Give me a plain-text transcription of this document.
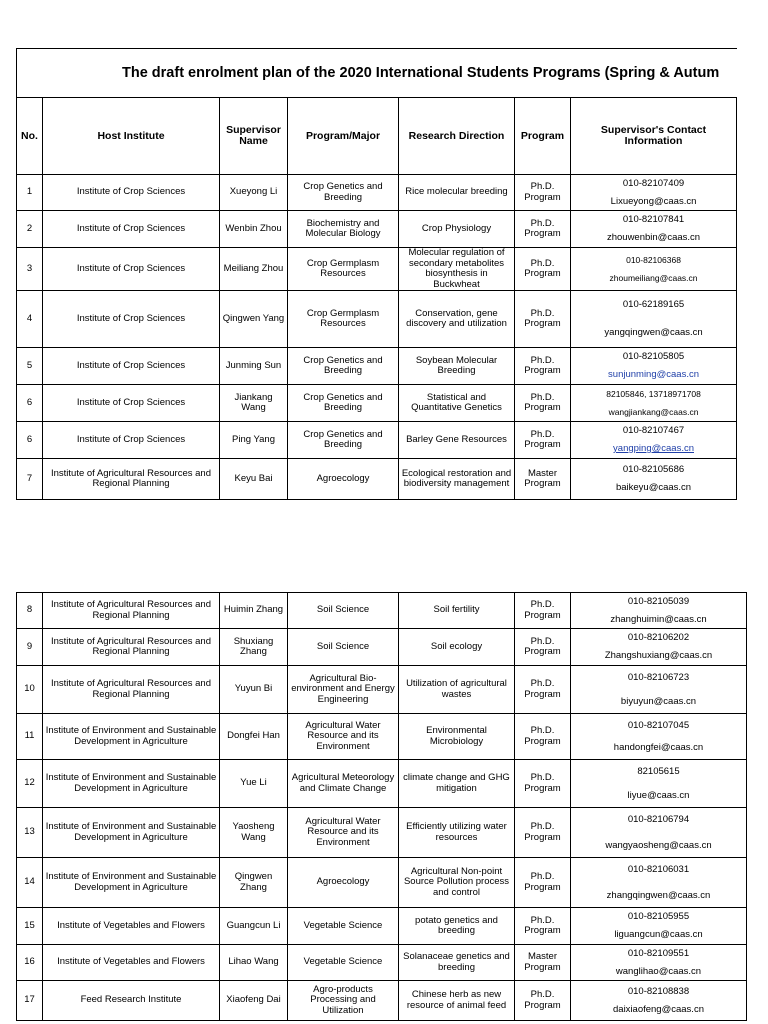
The draft enrolment plan of the 2020 International Students Programs (Spring & Autum						
No.	Host Institute	Supervisor Name	Program/Major	Research Direction	Program	Supervisor's Contact Information
1	Institute of Crop Sciences	Xueyong Li	Crop Genetics and Breeding	Rice molecular breeding	Ph.D. Program	010-82107409
Lixueyong@caas.cn

2	Institute of Crop Sciences	Wenbin Zhou	Biochemistry and Molecular Biology	Crop Physiology	Ph.D. Program	010-82107841
zhouwenbin@caas.cn

3	Institute of Crop Sciences	Meiliang Zhou	Crop Germplasm Resources	Molecular regulation of secondary metabolites biosynthesis in Buckwheat	Ph.D. Program	010-82106368
zhoumeiliang@caas.cn

4	Institute of Crop Sciences	Qingwen Yang	Crop Germplasm Resources	Conservation, gene discovery and utilization	Ph.D. Program	010-62189165
yangqingwen@caas.cn

5	Institute of Crop Sciences	Junming Sun	Crop Genetics and Breeding	Soybean Molecular Breeding	Ph.D. Program	010-82105805
sunjunming@caas.cn

6	Institute of Crop Sciences	Jiankang Wang	Crop Genetics and Breeding	Statistical and Quantitative Genetics	Ph.D. Program	82105846, 13718971708
wangjiankang@caas.cn

6	Institute of Crop Sciences	Ping Yang	Crop Genetics and Breeding	Barley Gene Resources	Ph.D. Program	010-82107467
yangping@caas.cn

7	Institute of Agricultural Resources and Regional Planning	Keyu Bai	Agroecology	Ecological restoration and biodiversity management	Master Program	010-82105686
baikeyu@caas.cn
8	Institute of Agricultural Resources and Regional Planning	Huimin Zhang	Soil Science	Soil fertility	Ph.D. Program	010-82105039
zhanghuimin@caas.cn

9	Institute of Agricultural Resources and Regional Planning	Shuxiang Zhang	Soil Science	Soil ecology	Ph.D. Program	010-82106202
Zhangshuxiang@caas.cn

10	Institute of Agricultural Resources and Regional Planning	Yuyun Bi	Agricultural Bio-environment and Energy Engineering	Utilization of agricultural wastes	Ph.D. Program	010-82106723
biyuyun@caas.cn

11	Institute of Environment and Sustainable Development in Agriculture	Dongfei Han	Agricultural Water Resource and its Environment	Environmental Microbiology	Ph.D. Program	010-82107045
handongfei@caas.cn

12	Institute of Environment and Sustainable Development in Agriculture	Yue Li	Agricultural Meteorology and Climate Change	climate change and GHG mitigation	Ph.D. Program	82105615
liyue@caas.cn

13	Institute of Environment and Sustainable Development in Agriculture	Yaosheng Wang	Agricultural Water Resource and its Environment	Efficiently utilizing water resources	Ph.D. Program	010-82106794
wangyaosheng@caas.cn

14	Institute of Environment and Sustainable Development in Agriculture	Qingwen Zhang	Agroecology	Agricultural Non-point Source Pollution process and control	Ph.D. Program	010-82106031
zhangqingwen@caas.cn

15	Institute of Vegetables and Flowers	Guangcun Li	Vegetable Science	potato genetics and breeding	Ph.D. Program	010-82105955
liguangcun@caas.cn

16	Institute of Vegetables and Flowers	Lihao Wang	Vegetable Science	Solanaceae genetics and breeding	Master Program	010-82109551
wanglihao@caas.cn

17	Feed Research Institute	Xiaofeng Dai	Agro-products Processing and Utilization	Chinese herb as new resource of animal feed	Ph.D. Program	010-82108838
daixiaofeng@caas.cn
